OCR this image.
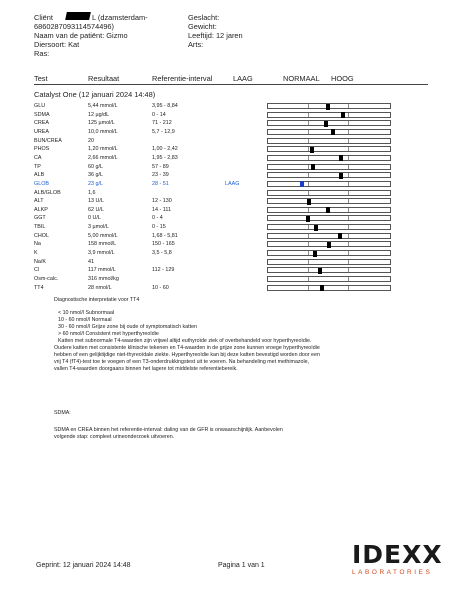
Cliënt	L (dzamsterdam-
6860287093114574496)
Naam van de patiënt: Gizmo
Diersoort: Kat
Ras:
Geslacht:
Gewicht:
Leeftijd: 12 jaren
Arts:
Test	Resultaat	Referentie-interval	LAAG	NORMAAL HOOG
Catalyst One (12 januari 2024 14:48)
GLU	5,44 mmol/L	3,95 - 8,84
SDMA	12 µg/dL	0 - 14
CREA	125 µmol/L	71 - 212
UREA	10,0 mmol/L	5,7 - 12,9
BUN/CREA	20
PHOS	1,20 mmol/L	1,00 - 2,42
CA	2,66 mmol/L	1,95 - 2,83
TP	60 g/L	57 - 89
ALB	36 g/L	23 - 39
GLOB	23 g/L	28 - 51	LAAG
ALB/GLOB	1,6
ALT	13 U/L	12 - 130
ALKP	62 U/L	14 - 111
GGT	0 U/L	0 - 4
TBIL	3 µmol/L	0 - 15
CHOL	5,00 mmol/L	1,68 - 5,81
Na	158 mmol/L	150 - 165
K	3,9 mmol/L	3,5 - 5,8
Na/K	41
Cl	117 mmol/L	112 - 129
Osm-calc.	316 mmol/kg
TT4	28 nmol/L	10 - 60
Diagnostische interpretatie voor TT4
< 10 nmol/l Subnormaal
10 - 60 nmol/l Normaal
30 - 60 nmol/l Grijze zone bij oude of symptomatisch katten
> 60 nmol/l Consistent met hyperthyreoïdie
Katten met subnormale T4-waarden zijn vrijwel altijd euthyroïde ziek of overbehandeld voor hyperthyreoïdie.
Oudere katten met consistente klinische tekenen en T4-waarden in de grijze zone kunnen vroege hyperthyreoïdie
hebben of een gelijktijdige niet-thyreoïdale ziekte. Hyperthyreoïdie kan bij deze katten bevestigd worden door een
vrij T4 (fT4)-test toe te voegen of een T3-onderdrukkingstest uit te voeren. Na behandeling met methimazole,
vallen T4-waarden doorgaans binnen het lagere tot middelste referentiebereik.
SDMA:
SDMA en CREA binnen het referentie-interval: daling van de GFR is onwaarschijnlijk. Aanbevolen
volgende stap: compleet urineonderzoek uitvoeren.
Geprint: 12 januari 2024 14:48	Pagina 1 van 1	IDEXX
LABORATORIES
